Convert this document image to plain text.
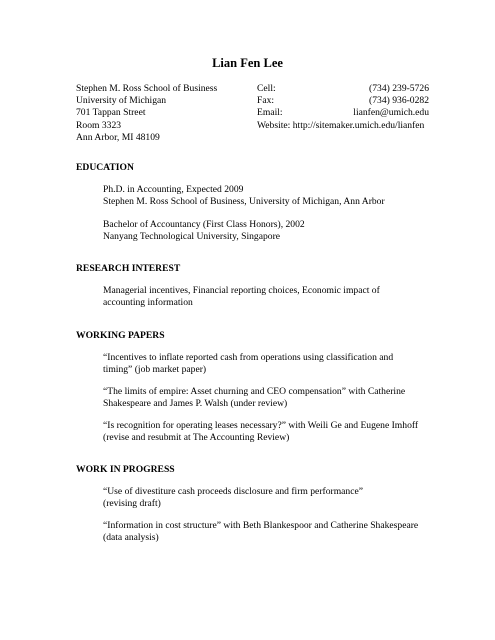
Lian Fen Lee
Stephen M. Ross School of Business
University of Michigan
701 Tappan Street
Room 3323
Ann Arbor, MI 48109
Cell:	(734) 239-5726
Fax:	(734) 936-0282
Email:	lianfen@umich.edu
Website: http://sitemaker.umich.edu/lianfen
EDUCATION
Ph.D. in Accounting, Expected 2009
Stephen M. Ross School of Business, University of Michigan, Ann Arbor
Bachelor of Accountancy (First Class Honors), 2002
Nanyang Technological University, Singapore
RESEARCH INTEREST
Managerial incentives, Financial reporting choices, Economic impact of
accounting information
WORKING PAPERS
“Incentives to inflate reported cash from operations using classification and
timing” (job market paper)
“The limits of empire: Asset churning and CEO compensation” with Catherine
Shakespeare and James P. Walsh (under review)
“Is recognition for operating leases necessary?” with Weili Ge and Eugene Imhoff
(revise and resubmit at The Accounting Review)
WORK IN PROGRESS
“Use of divestiture cash proceeds disclosure and firm performance”
(revising draft)
“Information in cost structure” with Beth Blankespoor and Catherine Shakespeare
(data analysis)
